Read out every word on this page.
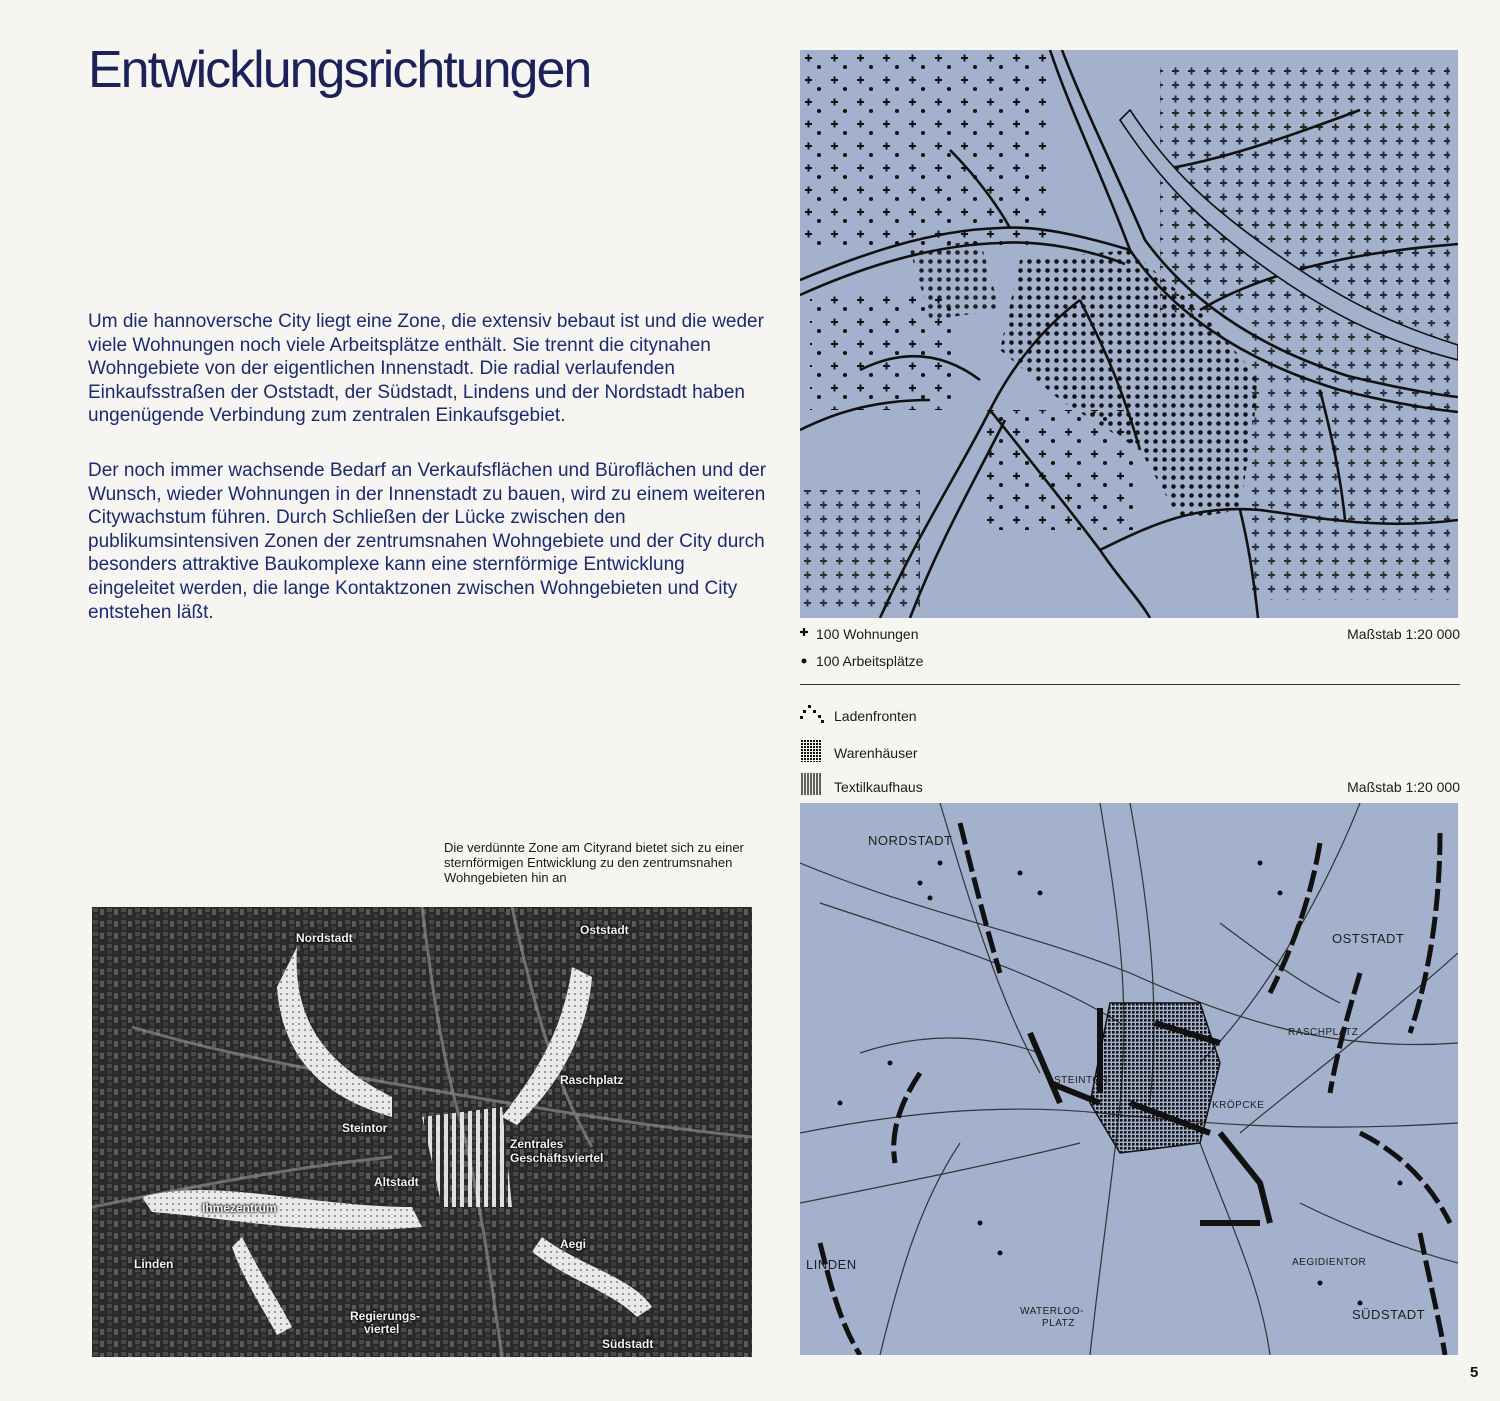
Entwicklungsrichtungen

Um die hannoversche City liegt eine Zone, die extensiv bebaut ist und die weder viele Wohnungen noch viele Arbeitsplätze enthält. Sie trennt die citynahen Wohngebiete von der eigentlichen Innenstadt. Die radial verlaufenden Einkaufsstraßen der Oststadt, der Südstadt, Lindens und der Nordstadt haben ungenügende Verbindung zum zentralen Einkaufsgebiet.

Der noch immer wachsende Bedarf an Verkaufsflächen und Büroflächen und der Wunsch, wieder Wohnungen in der Innenstadt zu bauen, wird zu einem weiteren Citywachstum führen. Durch Schließen der Lücke zwischen den publikumsintensiven Zonen der zentrumsnahen Wohngebiete und der City durch besonders attraktive Baukomplexe kann eine sternförmige Entwicklung eingeleitet werden, die lange Kontaktzonen zwischen Wohngebieten und City entstehen läßt.

100 Wohnungen
100 Arbeitsplätze
Maßstab 1:20 000
Ladenfronten
Warenhäuser
Textilkaufhaus	Maßstab 1:20 000
NORDSTADT
OSTSTADT
RASCHPLATZ
STEINTOR
KRÖPCKE
LINDEN	AEGIDIENTOR
WATERLOO-
PLATZ
SÜDSTADT

Die verdünnte Zone am Cityrand bietet sich zu einer sternförmigen Entwicklung zu den zentrumsnahen Wohngebieten hin an

Nordstadt
Oststadt
Raschplatz
Steintor
Zentrales
Geschäftsviertel
Altstadt
Ihmezentrum
Aegi
Linden
Regierungs-
viertel
Südstadt
5
